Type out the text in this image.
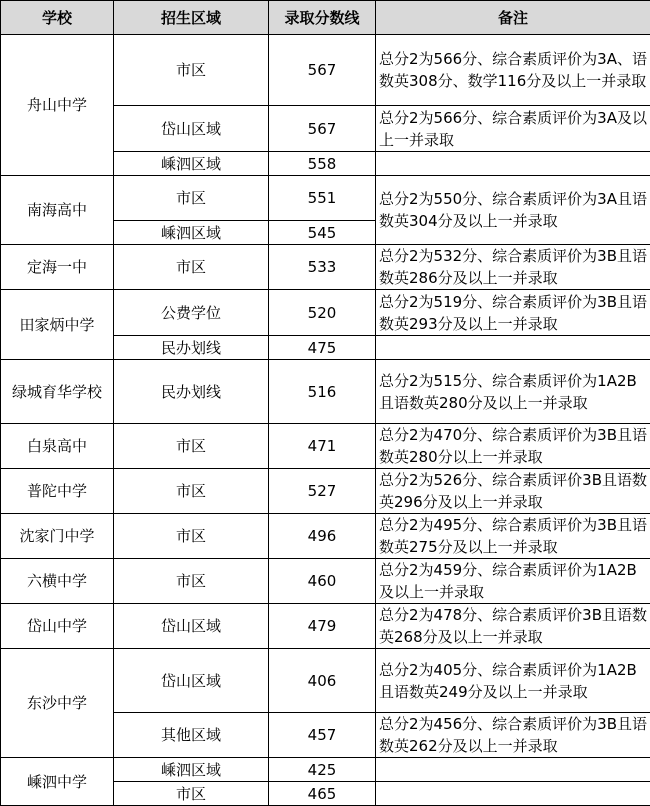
学校	招生区域	录取分数线	备注
舟山中学	市区	567	总分2为566分、综合素质评价为3A、语数英308分、数学116分及以上一并录取
	岱山区域	567	总分2为566分、综合素质评价为3A及以上一并录取
	嵊泗区域	558	
南海高中	市区	551	总分2为550分、综合素质评价为3A且语数英304分及以上一并录取
	嵊泗区域	545	
定海一中	市区	533	总分2为532分、综合素质评价为3B且语数英286分及以上一并录取
田家炳中学	公费学位	520	总分2为519分、综合素质评价为3B且语数英293分及以上一并录取
	民办划线	475	
绿城育华学校	民办划线	516	总分2为515分、综合素质评价为1A2B且语数英280分及以上一并录取
白泉高中	市区	471	总分2为470分、综合素质评价为3B且语数英280分以上一并录取
普陀中学	市区	527	总分2为526分、综合素质评价3B且语数英296分及以上一并录取
沈家门中学	市区	496	总分2为495分、综合素质评价为3B且语数英275分及以上一并录取
六横中学	市区	460	总分2为459分、综合素质评价为1A2B及以上一并录取
岱山中学	岱山区域	479	总分2为478分、综合素质评价3B且语数英268分及以上一并录取
东沙中学	岱山区域	406	总分2为405分、综合素质评价为1A2B且语数英249分及以上一并录取
	其他区域	457	总分2为456分、综合素质评价为3B且语数英262分及以上一并录取
嵊泗中学	嵊泗区域	425	
	市区	465	
